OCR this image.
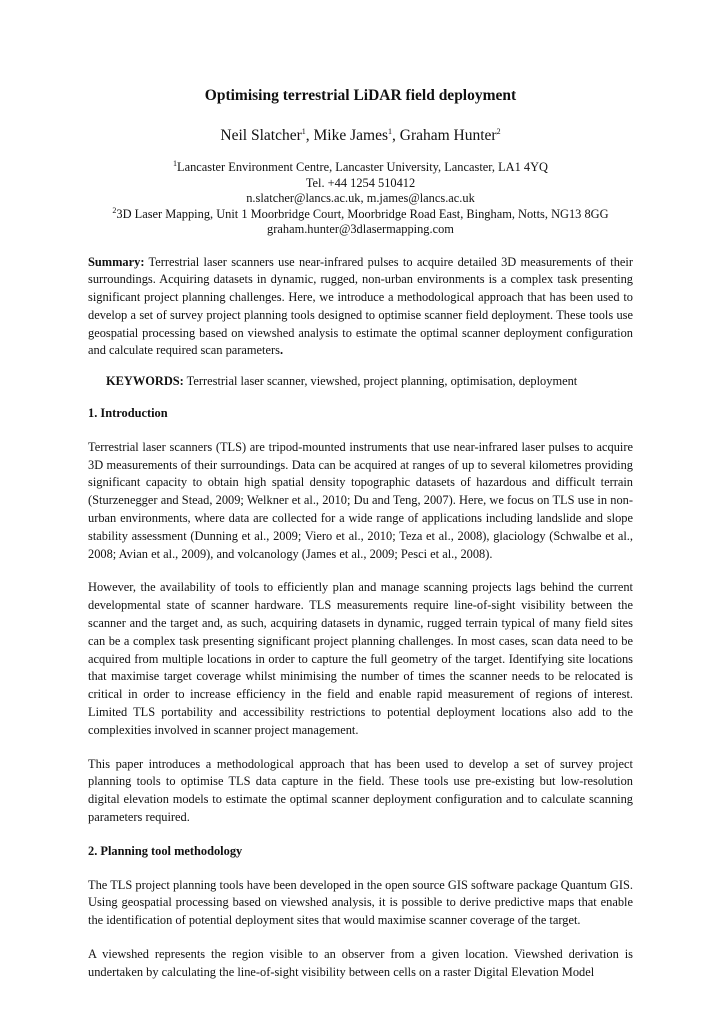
Optimising terrestrial LiDAR field deployment
Neil Slatcher$^1$, Mike James$^1$, Graham Hunter$^2$
$^1$Lancaster Environment Centre, Lancaster University, Lancaster, LA1 4YQ
Tel. +44 1254 510412
n.slatcher@lancs.ac.uk, m.james@lancs.ac.uk
$^2$3D Laser Mapping, Unit 1 Moorbridge Court, Moorbridge Road East, Bingham, Notts, NG13 8GG
graham.hunter@3dlasermapping.com

Summary: Terrestrial laser scanners use near-infrared pulses to acquire detailed 3D measurements of their surroundings. Acquiring datasets in dynamic, rugged, non-urban environments is a complex task presenting significant project planning challenges. Here, we introduce a methodological approach that has been used to develop a set of survey project planning tools designed to optimise scanner field deployment. These tools use geospatial processing based on viewshed analysis to estimate the optimal scanner deployment configuration and calculate required scan parameters.

KEYWORDS: Terrestrial laser scanner, viewshed, project planning, optimisation, deployment

1. Introduction

Terrestrial laser scanners (TLS) are tripod-mounted instruments that use near-infrared laser pulses to acquire 3D measurements of their surroundings. Data can be acquired at ranges of up to several kilometres providing significant capacity to obtain high spatial density topographic datasets of hazardous and difficult terrain (Sturzenegger and Stead, 2009; Welkner et al., 2010; Du and Teng, 2007). Here, we focus on TLS use in non-urban environments, where data are collected for a wide range of applications including landslide and slope stability assessment (Dunning et al., 2009; Viero et al., 2010; Teza et al., 2008), glaciology (Schwalbe et al., 2008; Avian et al., 2009), and volcanology (James et al., 2009; Pesci et al., 2008).

However, the availability of tools to efficiently plan and manage scanning projects lags behind the current developmental state of scanner hardware. TLS measurements require line-of-sight visibility between the scanner and the target and, as such, acquiring datasets in dynamic, rugged terrain typical of many field sites can be a complex task presenting significant project planning challenges. In most cases, scan data need to be acquired from multiple locations in order to capture the full geometry of the target. Identifying site locations that maximise target coverage whilst minimising the number of times the scanner needs to be relocated is critical in order to increase efficiency in the field and enable rapid measurement of regions of interest. Limited TLS portability and accessibility restrictions to potential deployment locations also add to the complexities involved in scanner project management.

This paper introduces a methodological approach that has been used to develop a set of survey project planning tools to optimise TLS data capture in the field. These tools use pre-existing but low-resolution digital elevation models to estimate the optimal scanner deployment configuration and to calculate scanning parameters required.

2. Planning tool methodology

The TLS project planning tools have been developed in the open source GIS software package Quantum GIS. Using geospatial processing based on viewshed analysis, it is possible to derive predictive maps that enable the identification of potential deployment sites that would maximise scanner coverage of the target.

A viewshed represents the region visible to an observer from a given location. Viewshed derivation is undertaken by calculating the line-of-sight visibility between cells on a raster Digital Elevation Model
